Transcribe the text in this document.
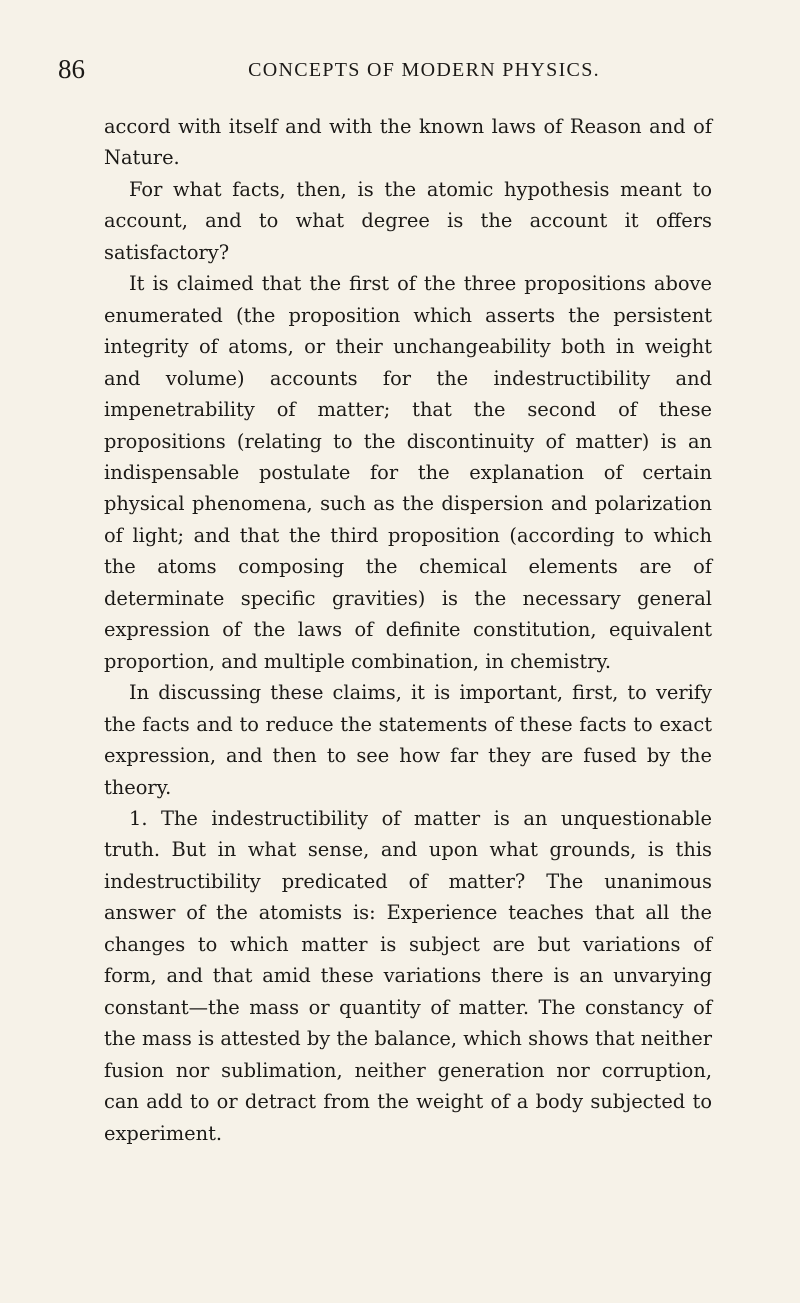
86	CONCEPTS OF MODERN PHYSICS.

accord with itself and with the known laws of Reason and of Nature.

For what facts, then, is the atomic hypothesis meant to account, and to what degree is the account it offers satisfactory?

It is claimed that the first of the three propositions above enumerated (the proposition which asserts the persistent integrity of atoms, or their unchangeability both in weight and volume) accounts for the indestructibility and impenetrability of matter; that the second of these propositions (relating to the discontinuity of matter) is an indispensable postulate for the explanation of certain physical phenomena, such as the dispersion and polarization of light; and that the third proposition (according to which the atoms composing the chemical elements are of determinate specific gravities) is the necessary general expression of the laws of definite constitution, equivalent proportion, and multiple combination, in chemistry.

In discussing these claims, it is important, first, to verify the facts and to reduce the statements of these facts to exact expression, and then to see how far they are fused by the theory.

1. The indestructibility of matter is an unquestionable truth. But in what sense, and upon what grounds, is this indestructibility predicated of matter? The unanimous answer of the atomists is: Experience teaches that all the changes to which matter is subject are but variations of form, and that amid these variations there is an unvarying constant—the mass or quantity of matter. The constancy of the mass is attested by the balance, which shows that neither fusion nor sublimation, neither generation nor corruption, can add to or detract from the weight of a body subjected to experiment.
